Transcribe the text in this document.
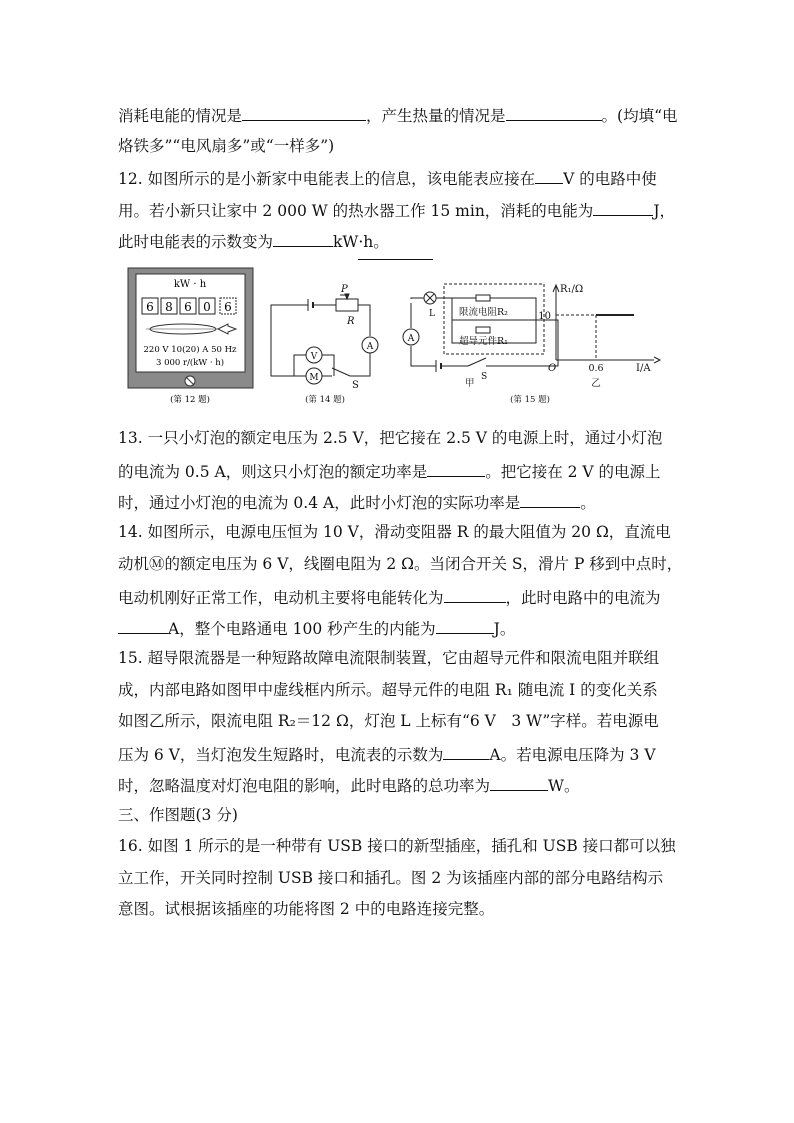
消耗电能的情况是	，产生热量的情况是	。(均填“电
烙铁多”“电风扇多”或“一样多”)
12. 如图所示的是小新家中电能表上的信息，该电能表应接在 V 的电路中使
用。若小新只让家中 2 000 W 的热水器工作 15 min，消耗的电能为	J，
此时电能表的示数变为	kW·h。
kW · h
6 8 6 0 6
220 V 10(20) A 50 Hz
3 000 r/(kW · h)
(第 12 题)
P
R
A
V
M
S
(第 14 题)
A
L	限流电阻R₂
超导元件R₁
S
甲
(第 15 题)
R₁/Ω
I/A
O
10
0.6
乙
13. 一只小灯泡的额定电压为 2.5 V，把它接在 2.5 V 的电源上时，通过小灯泡
的电流为 0.5 A，则这只小灯泡的额定功率是	。把它接在 2 V 的电源上
时，通过小灯泡的电流为 0.4 A，此时小灯泡的实际功率是	。
14. 如图所示，电源电压恒为 10 V，滑动变阻器 R 的最大阻值为 20 Ω，直流电
动机Ⓜ的额定电压为 6 V，线圈电阻为 2 Ω。当闭合开关 S，滑片 P 移到中点时，
电动机刚好正常工作，电动机主要将电能转化为	，此时电路中的电流为
A，整个电路通电 100 秒产生的内能为	J。
15. 超导限流器是一种短路故障电流限制装置，它由超导元件和限流电阻并联组
成，内部电路如图甲中虚线框内所示。超导元件的电阻 R₁ 随电流 I 的变化关系
如图乙所示，限流电阻 R₂＝12 Ω，灯泡 L 上标有“6 V　3 W”字样。若电源电
压为 6 V，当灯泡发生短路时，电流表的示数为	A。若电源电压降为 3 V
时，忽略温度对灯泡电阻的影响，此时电路的总功率为	W。
三、作图题(3 分)
16. 如图 1 所示的是一种带有 USB 接口的新型插座，插孔和 USB 接口都可以独
立工作，开关同时控制 USB 接口和插孔。图 2 为该插座内部的部分电路结构示
意图。试根据该插座的功能将图 2 中的电路连接完整。
